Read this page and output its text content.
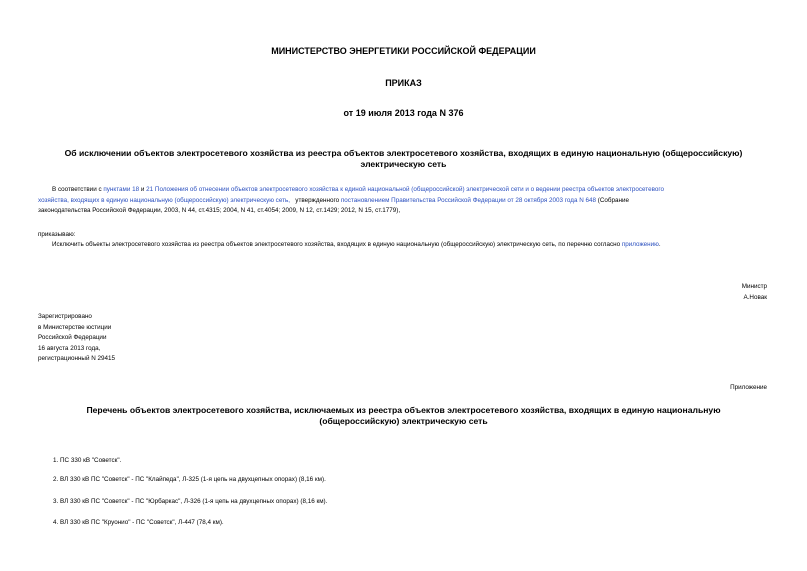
МИНИСТЕРСТВО ЭНЕРГЕТИКИ РОССИЙСКОЙ ФЕДЕРАЦИИ
ПРИКАЗ
от 19 июля 2013 года N 376
Об исключении объектов электросетевого хозяйства из реестра объектов электросетевого хозяйства, входящих в единую национальную (общероссийскую)
электрическую сеть
В соответствии с пунктами 18 и 21 Положения об отнесении объектов электросетевого хозяйства к единой национальной (общероссийской) электрической сети и о ведении реестра объектов электросетевого
хозяйства, входящих в единую национальную (общероссийскую) электрическую сеть, утвержденного постановлением Правительства Российской Федерации от 28 октября 2003 года N 648 (Собрание
законодательства Российской Федерации, 2003, N 44, ст.4315; 2004, N 41, ст.4054; 2009, N 12, ст.1429; 2012, N 15, ст.1779),
приказываю:
Исключить объекты электросетевого хозяйства из реестра объектов электросетевого хозяйства, входящих в единую национальную (общероссийскую) электрическую сеть, по перечню согласно приложению.
Министр
А.Новак
Зарегистрировано
в Министерстве юстиции
Российской Федерации
16 августа 2013 года,
регистрационный N 29415
Приложение
Перечень объектов электросетевого хозяйства, исключаемых из реестра объектов электросетевого хозяйства, входящих в единую национальную
(общероссийскую) электрическую сеть
1. ПС 330 кВ "Советск".
2. ВЛ 330 кВ ПС "Советск" - ПС "Клайпеда", Л-325 (1-я цепь на двухцепных опорах) (8,16 км).
3. ВЛ 330 кВ ПС "Советск" - ПС "Юрбаркас", Л-326 (1-я цепь на двухцепных опорах) (8,16 км).
4. ВЛ 330 кВ ПС "Круонио" - ПС "Советск", Л-447 (78,4 км).
